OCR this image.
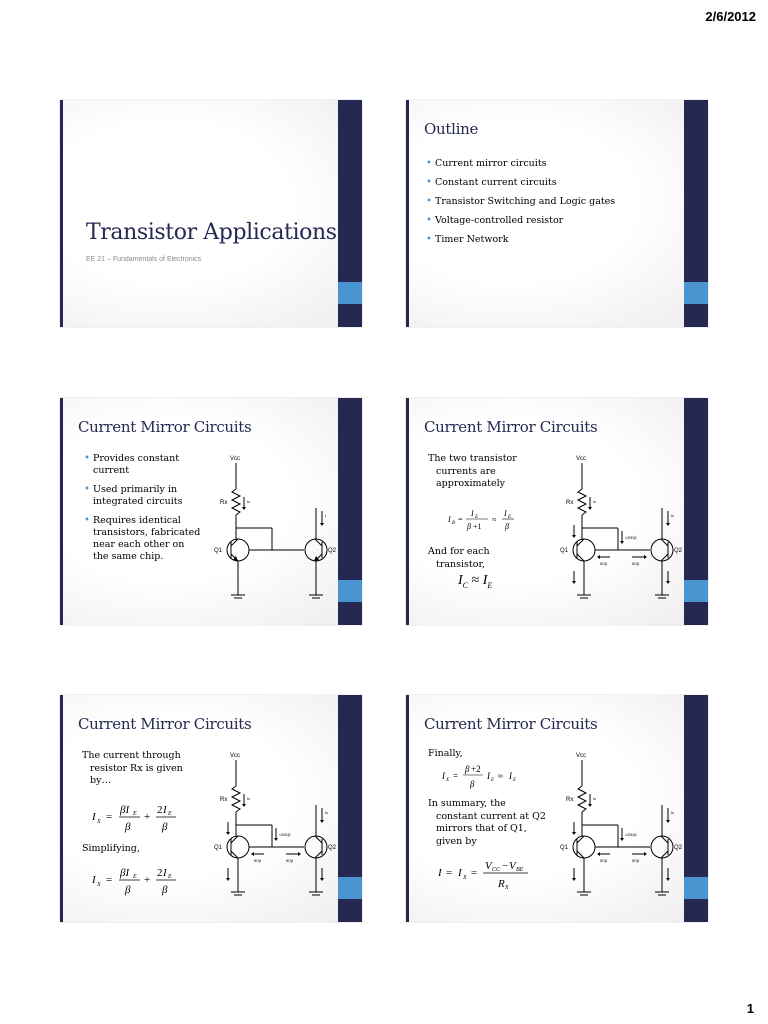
2/6/2012
Transistor Applications
EE 21 – Fundamentals of Electronics
Outline
• Current mirror circuits
• Constant current circuits
• Transistor Switching and Logic gates
• Voltage-controlled resistor
• Timer Network
Current Mirror Circuits
• Provides constant current
• Used primarily in integrated circuits
• Requires identical transistors, fabricated near each other on the same chip.
Vcc
Rx	Ix
I
Q1	Q2
Current Mirror Circuits
The two transistor currents are approximately
I B =
I E
β +1
≈
I E
β
And for each transistor,
$I_C \approx I_E$
Vcc
Rx	Ix
Ic
≈2IE/β
IE/β	IE/β
Q1	Q2
Current Mirror Circuits
The current through resistor Rx is given by…
I X =
βI E
β
+
2 I E
β
Simplifying,
I X =
βI E
β
+
2 I E
β
Vcc
Rx	Ix
Ic
≈2IE/β
IE/β	IE/β
Q1	Q2
Current Mirror Circuits
Finally,
I X =
β +2
β
I E ≈ I E
In summary, the constant current at Q2 mirrors that of Q1, given by
I = I X =
V CC − V BE
R X
Vcc
Rx	Ix
Ic
≈2IE/β
IE/β	IE/β
Q1	Q2
1
